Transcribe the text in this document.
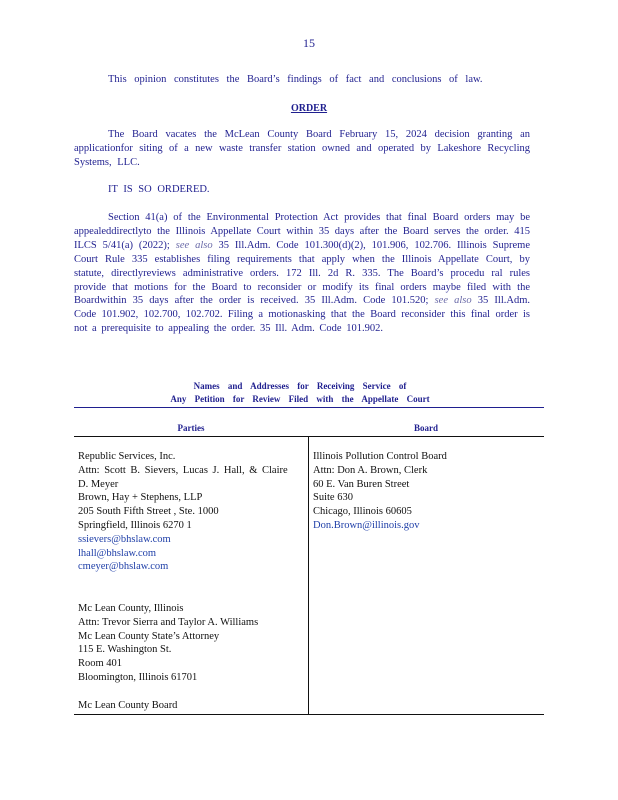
15
This opinion constitutes the Board’s findings of fact and conclusions of law.
ORDER
The Board vacates the McLean County Board February 15, 2024 decision granting an applicationfor siting of a new waste transfer station owned and operated by Lakeshore Recycling Systems, LLC.
IT IS SO ORDERED.
Section 41(a) of the Environmental Protection Act provides that final Board orders may be appealeddirectlyto the Illinois Appellate Court within 35 days after the Board serves the order. 415 ILCS 5/41(a) (2022); see also 35 Ill.Adm. Code 101.300(d)(2), 101.906, 102.706. Illinois Supreme Court Rule 335 establishes filing requirements that apply when the Illinois Appellate Court, by statute, directlyreviews administrative orders. 172 Ill. 2d R. 335. The Board’s procedu ral rules provide that motions for the Board to reconsider or modify its final orders maybe filed with the Boardwithin 35 days after the order is received. 35 Ill.Adm. Code 101.520; see also 35 Ill.Adm. Code 101.902, 102.700, 102.702. Filing a motionasking that the Board reconsider this final order is not a prerequisite to appealing the order. 35 Ill. Adm. Code 101.902.
Names and Addresses for Receiving Service of
Any Petition for Review Filed with the Appellate Court
Parties	Board
Republic Services, Inc.
Attn: Scott B. Sievers, Lucas J. Hall, & Claire
D. Meyer
Brown, Hay + Stephens, LLP
205 South Fifth Street , Ste. 1000
Springfield, Illinois 6270 1
ssievers@bhslaw.com
lhall@bhslaw.com
cmeyer@bhslaw.com
Mc Lean County, Illinois
Attn: Trevor Sierra and Taylor A. Williams
Mc Lean County State’s Attorney
115 E. Washington St.
Room 401
Bloomington, Illinois 61701
Mc Lean County Board
Illinois Pollution Control Board
Attn: Don A. Brown, Clerk
60 E. Van Buren Street
Suite 630
Chicago, Illinois 60605
Don.Brown@illinois.gov
